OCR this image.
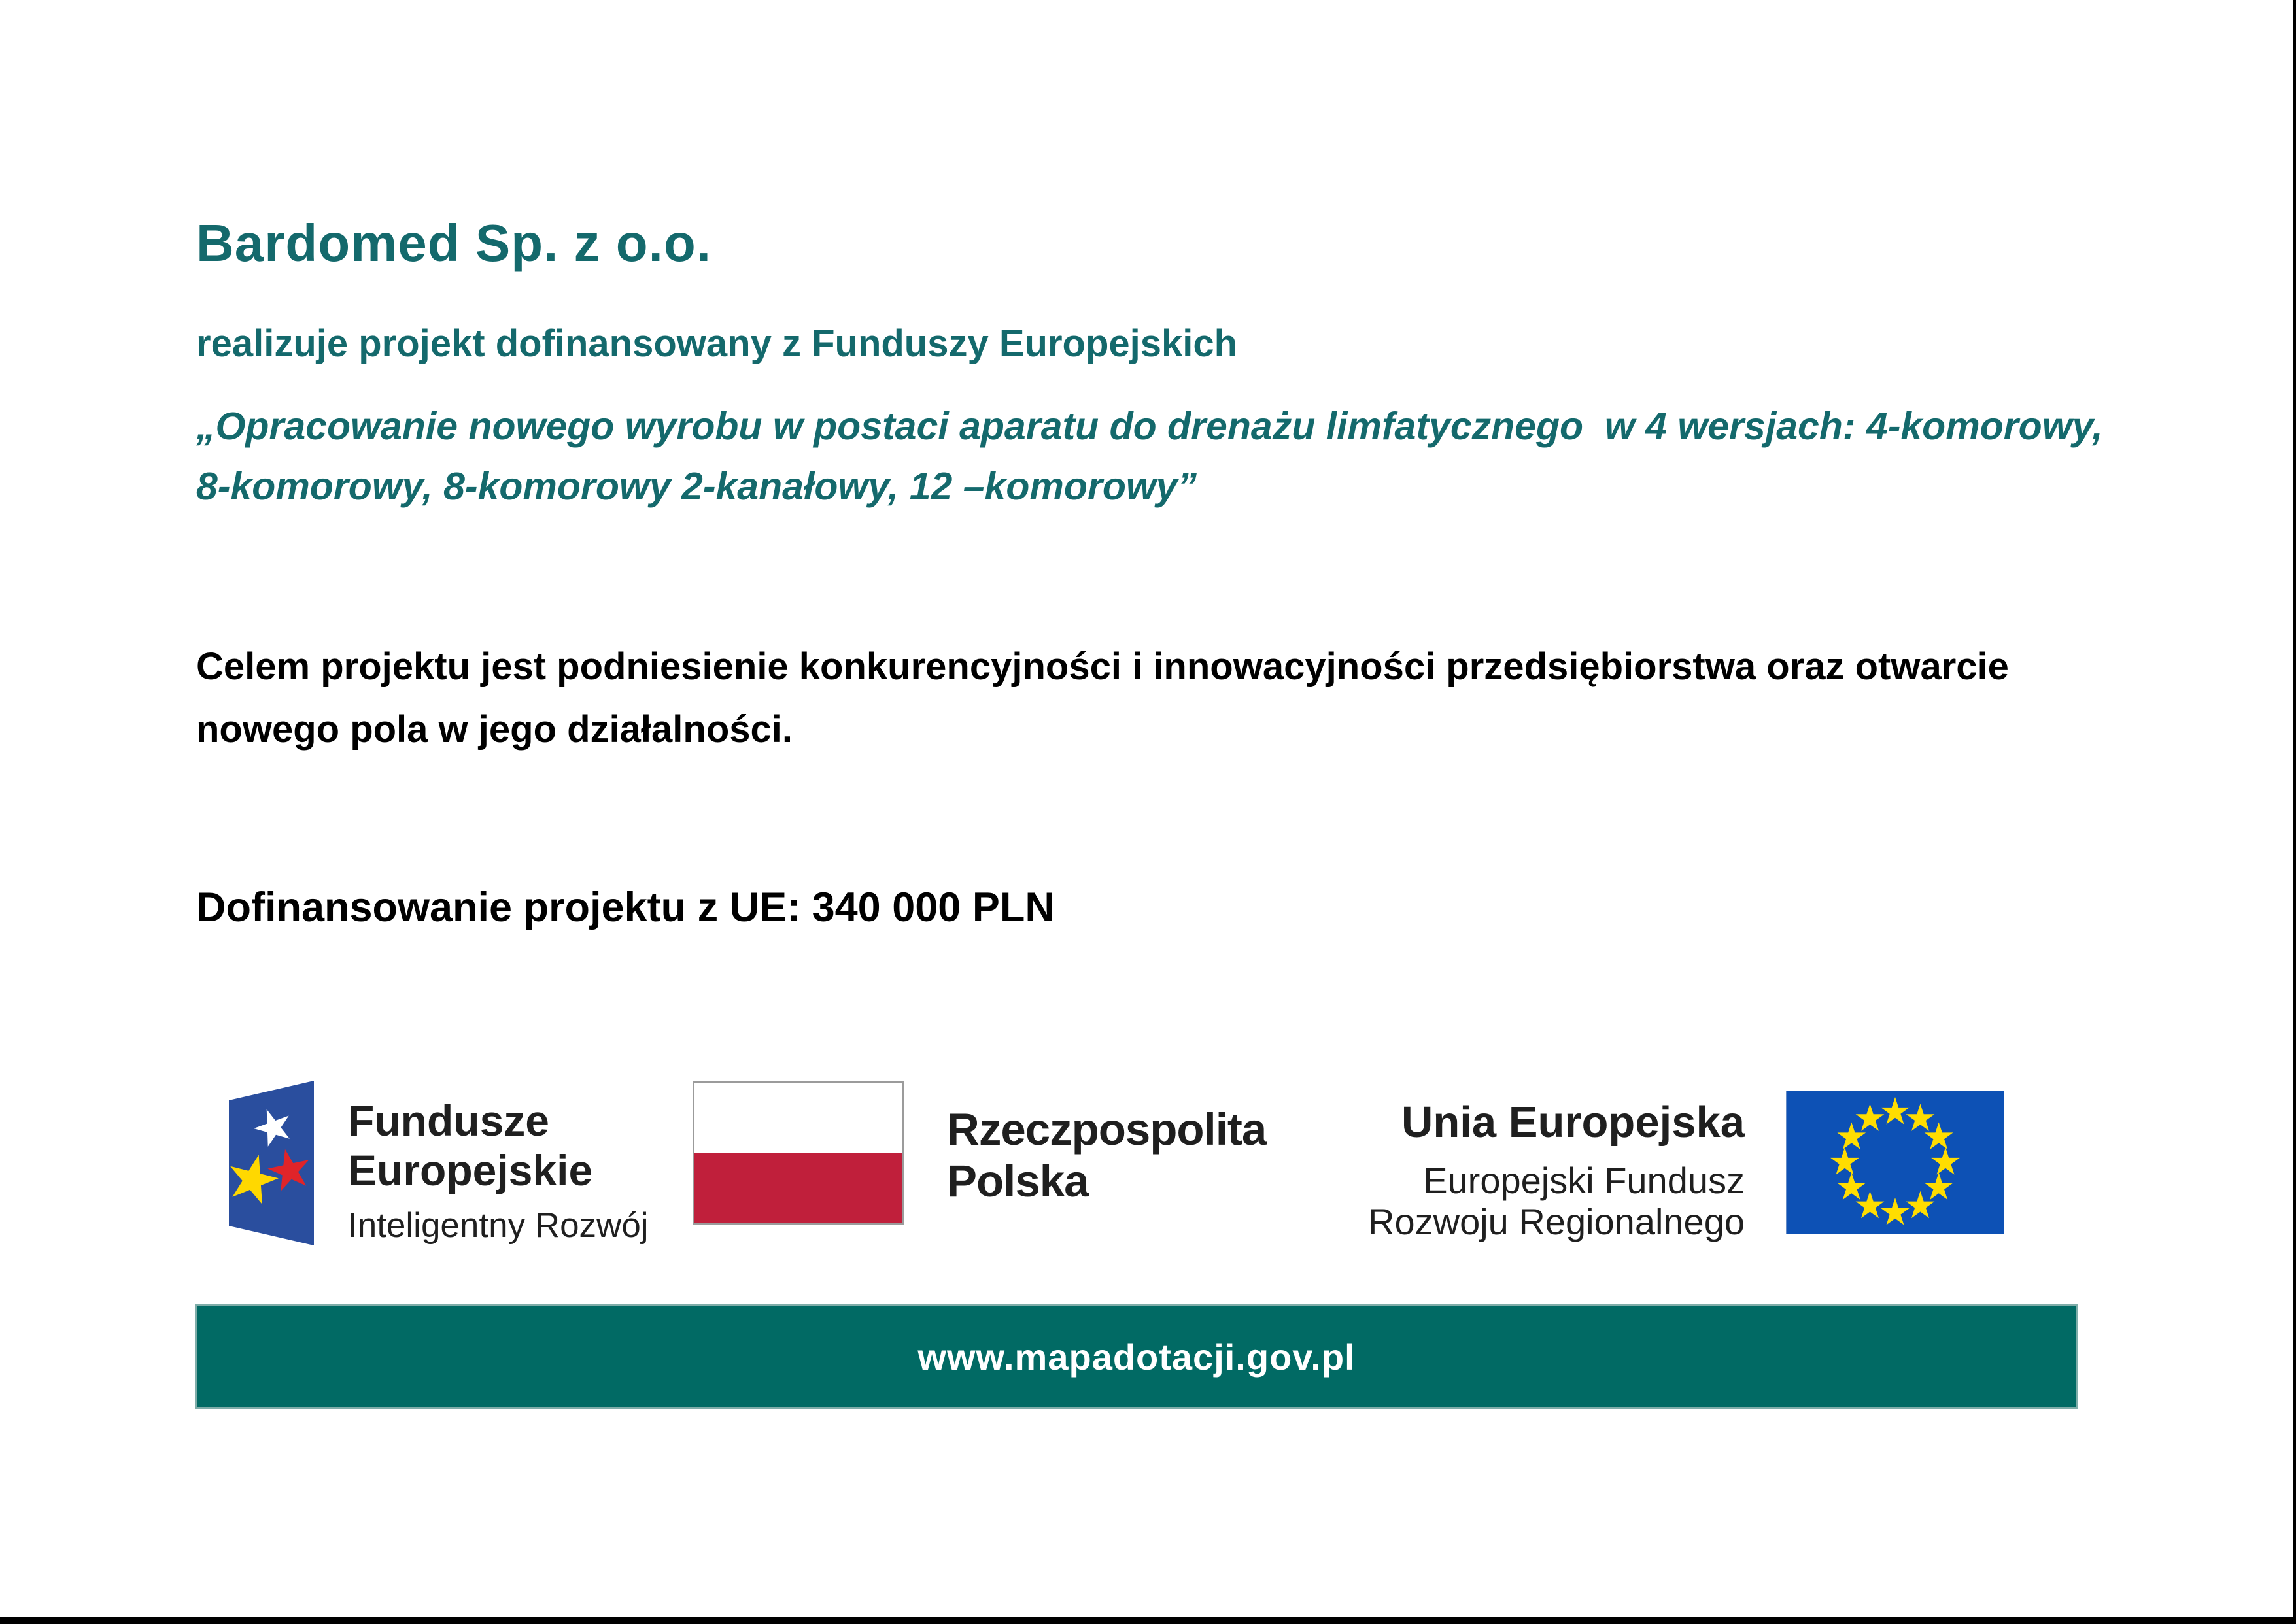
Bardomed Sp. z o.o.
realizuje projekt dofinansowany z Funduszy Europejskich
„Opracowanie nowego wyrobu w postaci aparatu do drenażu limfatycznego  w 4 wersjach: 4-komorowy,
8-komorowy, 8-komorowy 2-kanałowy, 12 –komorowy”
Celem projektu jest podniesienie konkurencyjności i innowacyjności przedsiębiorstwa oraz otwarcie
nowego pola w jego działalności.
Dofinansowanie projektu z UE: 340 000 PLN
Fundusze
Europejskie
Inteligentny Rozwój
Rzeczpospolita
Polska
Unia Europejska
Europejski Fundusz
Rozwoju Regionalnego
www.mapadotacji.gov.pl
